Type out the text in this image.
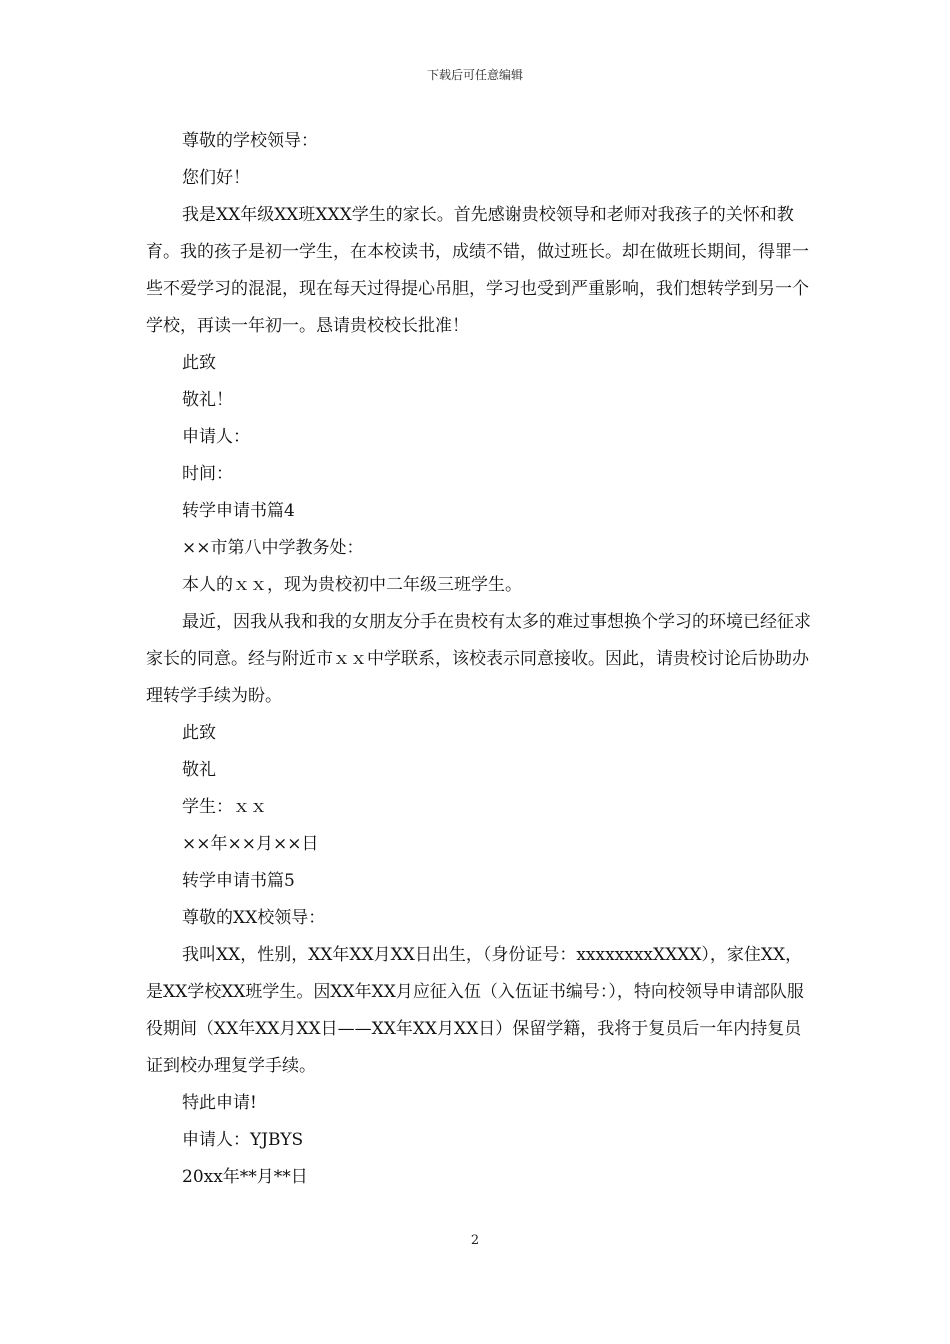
下载后可任意编辑

尊敬的学校领导：

您们好！

我是XX年级XX班XXX学生的家长。首先感谢贵校领导和老师对我孩子的关怀和教育。我的孩子是初一学生，在本校读书，成绩不错，做过班长。却在做班长期间，得罪一些不爱学习的混混，现在每天过得提心吊胆，学习也受到严重影响，我们想转学到另一个学校，再读一年初一。恳请贵校校长批准！

此致

敬礼！

申请人：

时间：

转学申请书篇4

××市第八中学教务处：

本人的ｘｘ，现为贵校初中二年级三班学生。

最近，因我从我和我的女朋友分手在贵校有太多的难过事想换个学习的环境已经征求家长的同意。经与附近市ｘｘ中学联系，该校表示同意接收。因此，请贵校讨论后协助办理转学手续为盼。

此致

敬礼

学生：ｘｘ

××年××月××日

转学申请书篇5

尊敬的XX校领导：

我叫XX，性别，XX年XX月XX日出生，（身份证号：xxxxxxxxXXXX），家住XX，是XX学校XX班学生。因XX年XX月应征入伍（入伍证书编号：），特向校领导申请部队服役期间（XX年XX月XX日——XX年XX月XX日）保留学籍，我将于复员后一年内持复员证到校办理复学手续。

特此申请!

申请人：YJBYS

20xx年**月**日

2
